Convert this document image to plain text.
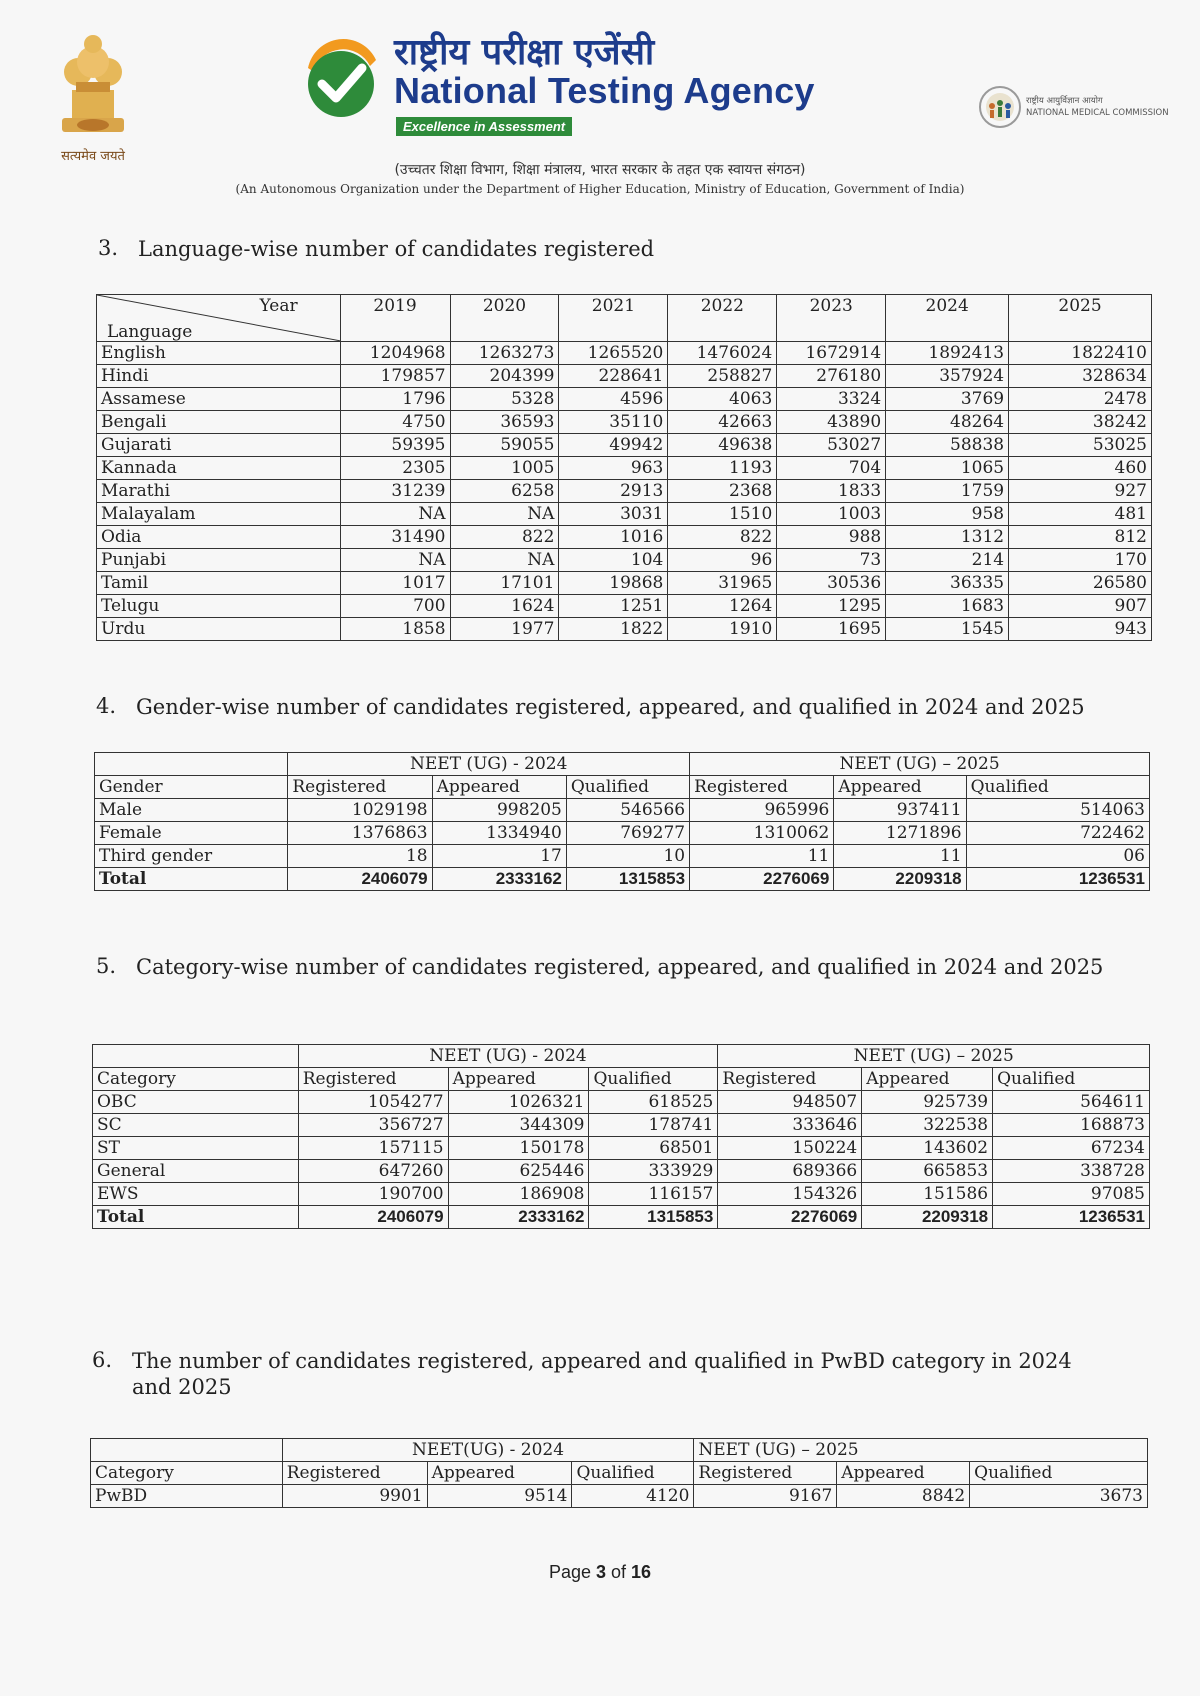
सत्यमेव जयते
राष्ट्रीय परीक्षा एजेंसी
National Testing Agency
Excellence in Assessment
राष्ट्रीय आयुर्विज्ञान आयोग
NATIONAL MEDICAL COMMISSION
(उच्चतर शिक्षा विभाग, शिक्षा मंत्रालय, भारत सरकार के तहत एक स्वायत्त संगठन)
(An Autonomous Organization under the Department of Higher Education, Ministry of Education, Government of India)
3. Language-wise number of candidates registered
Year
Language	2019	2020	2021	2022	2023	2024	2025
English	1204968	1263273	1265520	1476024	1672914	1892413	1822410
Hindi	179857	204399	228641	258827	276180	357924	328634
Assamese	1796	5328	4596	4063	3324	3769	2478
Bengali	4750	36593	35110	42663	43890	48264	38242
Gujarati	59395	59055	49942	49638	53027	58838	53025
Kannada	2305	1005	963	1193	704	1065	460
Marathi	31239	6258	2913	2368	1833	1759	927
Malayalam	NA	NA	3031	1510	1003	958	481
Odia	31490	822	1016	822	988	1312	812
Punjabi	NA	NA	104	96	73	214	170
Tamil	1017	17101	19868	31965	30536	36335	26580
Telugu	700	1624	1251	1264	1295	1683	907
Urdu	1858	1977	1822	1910	1695	1545	943
4. Gender-wise number of candidates registered, appeared, and qualified in 2024 and 2025
	NEET (UG) - 2024			NEET (UG) – 2025		
Gender	Registered	Appeared	Qualified	Registered	Appeared	Qualified
Male	1029198	998205	546566	965996	937411	514063
Female	1376863	1334940	769277	1310062	1271896	722462
Third gender	18	17	10	11	11	06
Total	2406079	2333162	1315853	2276069	2209318	1236531
5. Category-wise number of candidates registered, appeared, and qualified in 2024 and 2025
	NEET (UG) - 2024			NEET (UG) – 2025		
Category	Registered	Appeared	Qualified	Registered	Appeared	Qualified
OBC	1054277	1026321	618525	948507	925739	564611
SC	356727	344309	178741	333646	322538	168873
ST	157115	150178	68501	150224	143602	67234
General	647260	625446	333929	689366	665853	338728
EWS	190700	186908	116157	154326	151586	97085
Total	2406079	2333162	1315853	2276069	2209318	1236531
6. The number of candidates registered, appeared and qualified in PwBD category in 2024 and 2025
	NEET(UG) - 2024			NEET (UG) – 2025		
Category	Registered	Appeared	Qualified	Registered	Appeared	Qualified
PwBD	9901	9514	4120	9167	8842	3673
Page 3 of 16
